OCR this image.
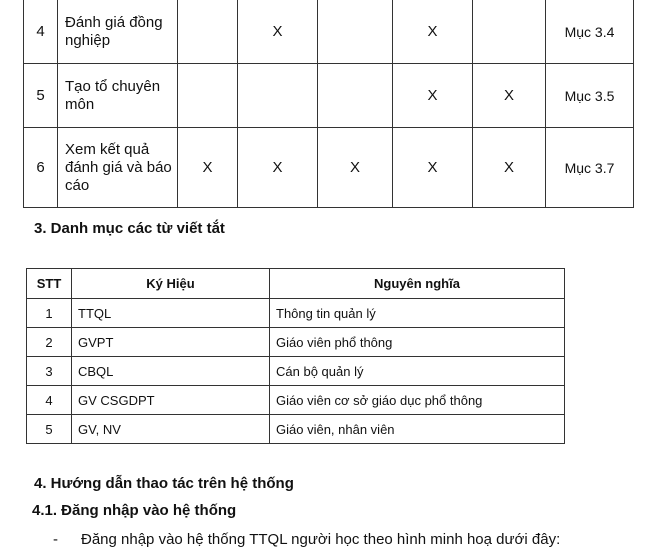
4	Đánh giá đồng nghiệp		X		X		Mục 3.4
5	Tạo tổ chuyên môn				X	X	Mục 3.5
6	Xem kết quả đánh giá và báo cáo	X	X	X	X	X	Mục 3.7
3. Danh mục các từ viết tắt
STT	Ký Hiệu	Nguyên nghĩa
1	TTQL	Thông tin quản lý
2	GVPT	Giáo viên phổ thông
3	CBQL	Cán bộ quản lý
4	GV CSGDPT	Giáo viên cơ sở giáo dục phổ thông
5	GV, NV	Giáo viên, nhân viên
4. Hướng dẫn thao tác trên hệ thống
4.1. Đăng nhập vào hệ thống
- Đăng nhập vào hệ thống TTQL người học theo hình minh hoạ dưới đây:
